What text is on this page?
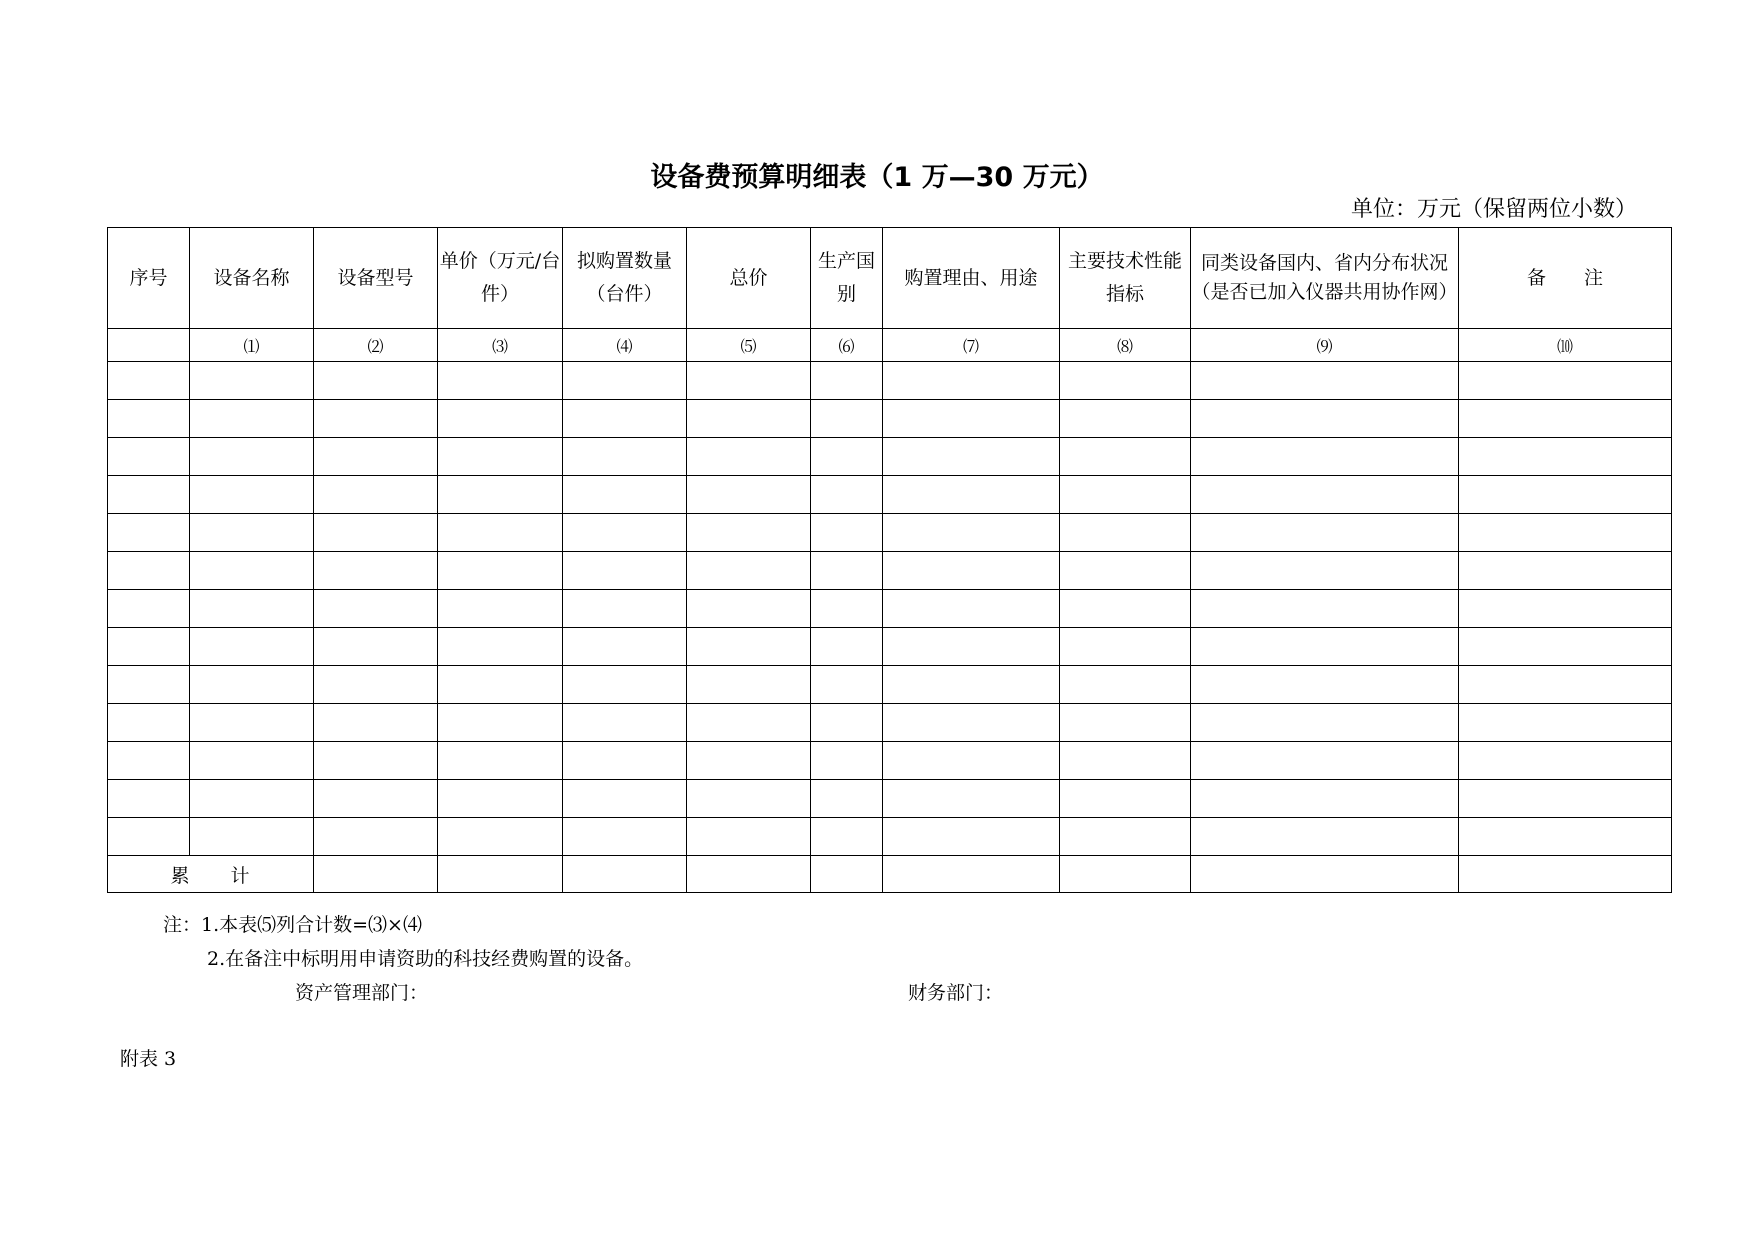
设备费预算明细表（1 万—30 万元）
单位：万元（保留两位小数）
序号	设备名称	设备型号	单价（万元/台件）	拟购置数量（台件）	总价	生产国别	购置理由、用途	主要技术性能指标	同类设备国内、省内分布状况（是否已加入仪器共用协作网）	备　　注
	⑴	⑵	⑶	⑷	⑸	⑹	⑺	⑻	⑼	⑽

累　　计										
注：1.本表⑸列合计数=⑶×⑷
2.在备注中标明用申请资助的科技经费购置的设备。
资产管理部门：	财务部门：
附表 3
